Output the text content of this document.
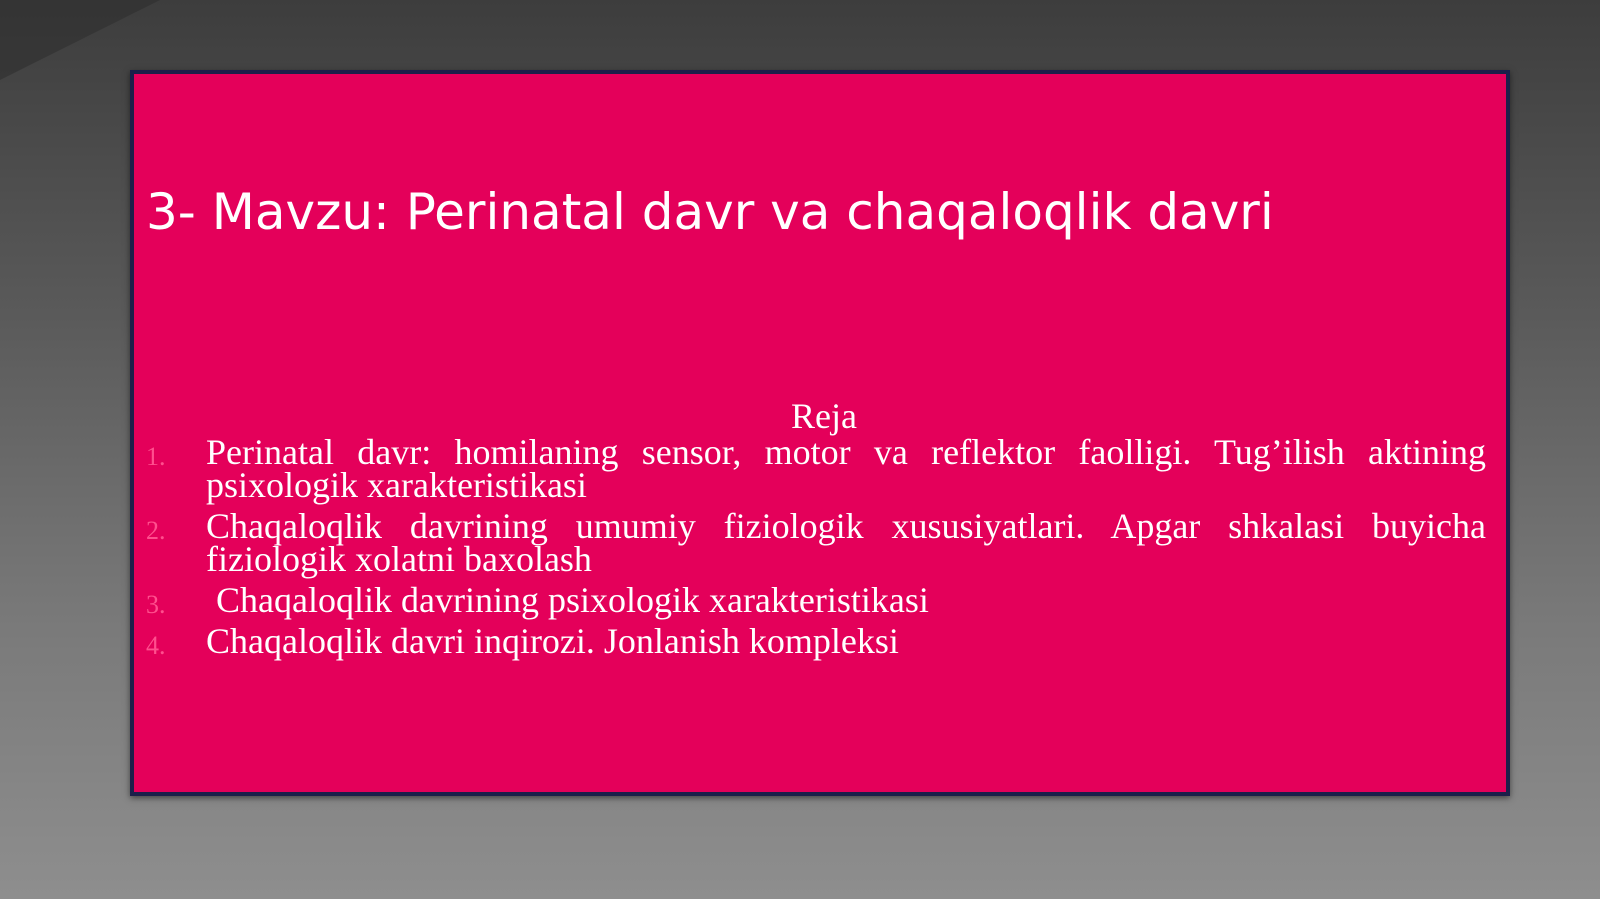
3- Mavzu: Perinatal davr va chaqaloqlik davri
Reja
1. Perinatal davr: homilaning sensor, motor va reflektor faolligi. Tug’ilish aktining psixologik xarakteristikasi
2. Chaqaloqlik davrining umumiy fiziologik xususiyatlari. Apgar shkalasi buyicha fiziologik xolatni baxolash
3. Chaqaloqlik davrining psixologik xarakteristikasi
4. Chaqaloqlik davri inqirozi. Jonlanish kompleksi
